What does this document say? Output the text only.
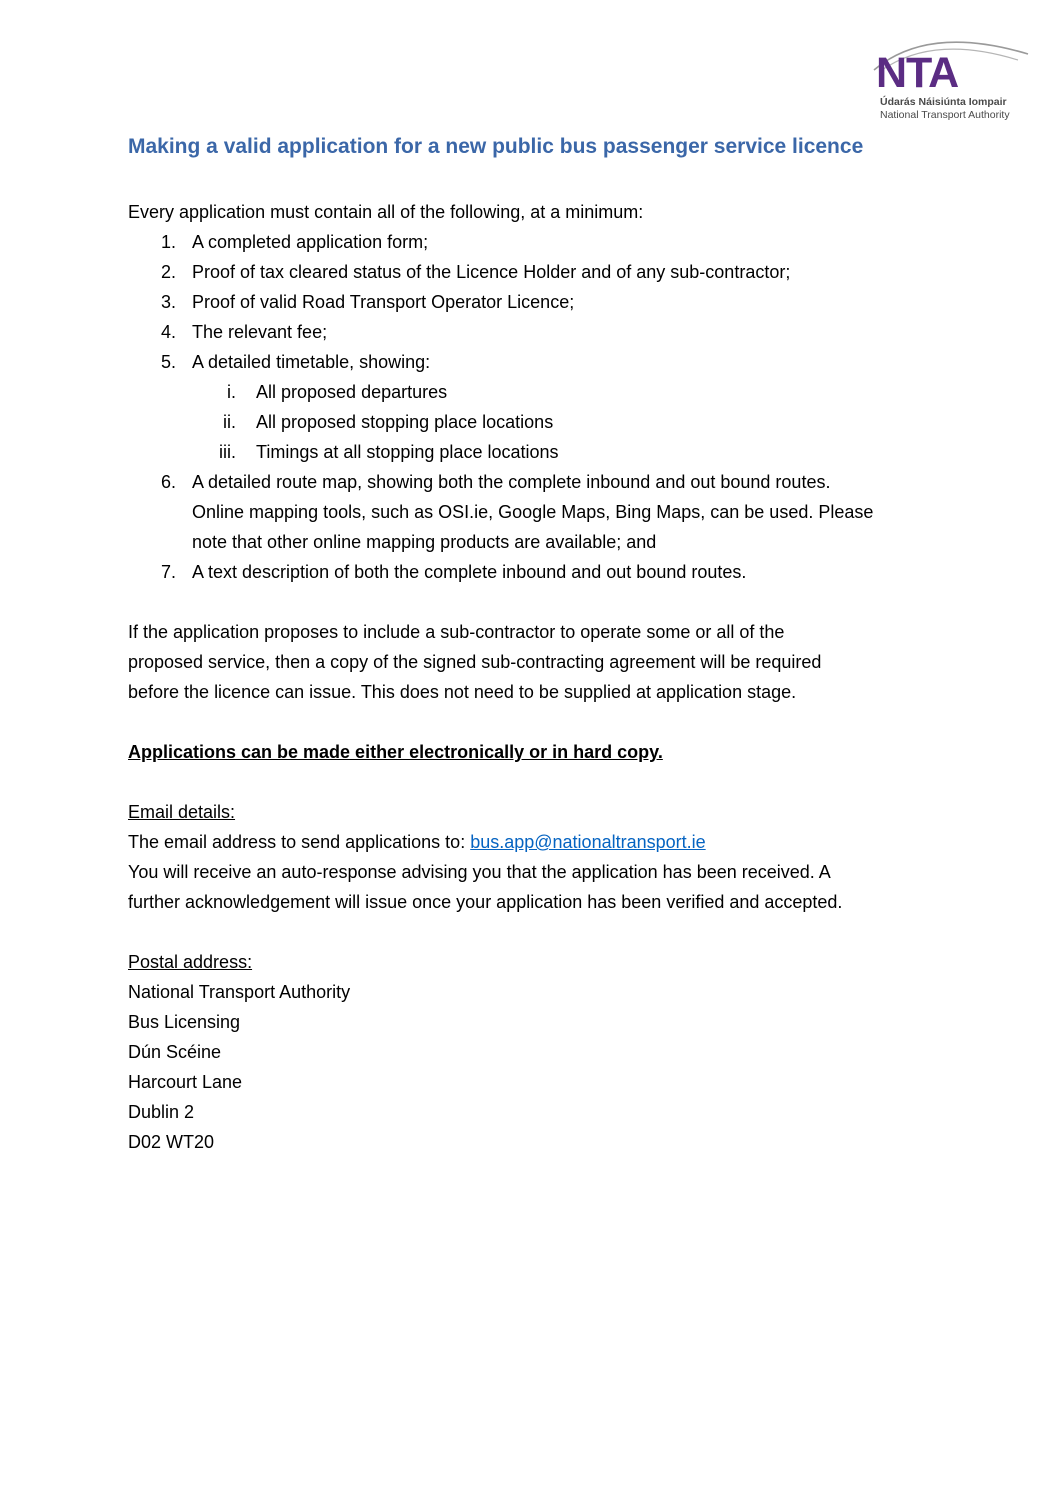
NTA
Údarás Náisiúnta Iompair
National Transport Authority
Making a valid application for a new public bus passenger service licence
Every application must contain all of the following, at a minimum:
1. A completed application form;
2. Proof of tax cleared status of the Licence Holder and of any sub-contractor;
3. Proof of valid Road Transport Operator Licence;
4. The relevant fee;
5. A detailed timetable, showing:
i. All proposed departures
ii. All proposed stopping place locations
iii. Timings at all stopping place locations
6. A detailed route map, showing both the complete inbound and out bound routes.
Online mapping tools, such as OSI.ie, Google Maps, Bing Maps, can be used. Please
note that other online mapping products are available; and
7. A text description of both the complete inbound and out bound routes.
If the application proposes to include a sub-contractor to operate some or all of the
proposed service, then a copy of the signed sub-contracting agreement will be required
before the licence can issue. This does not need to be supplied at application stage.
Applications can be made either electronically or in hard copy.
Email details:
The email address to send applications to: bus.app@nationaltransport.ie
You will receive an auto-response advising you that the application has been received. A
further acknowledgement will issue once your application has been verified and accepted.
Postal address:
National Transport Authority
Bus Licensing
Dún Scéine
Harcourt Lane
Dublin 2
D02 WT20
